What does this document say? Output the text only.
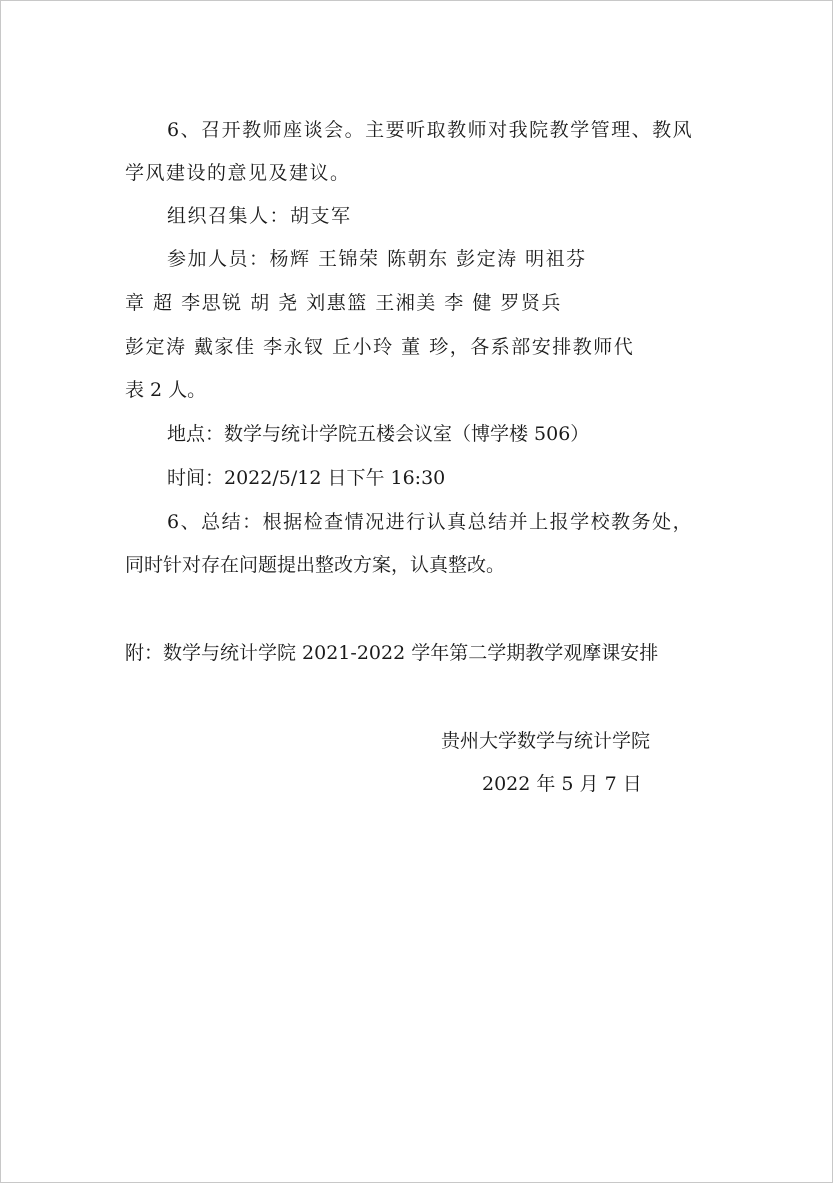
6、召开教师座谈会。主要听取教师对我院教学管理、教风
学风建设的意见及建议。
组织召集人：胡支军
参加人员：杨辉 王锦荣 陈朝东 彭定涛 明祖芬
章 超 李思锐 胡 尧 刘惠篮 王湘美 李 健 罗贤兵
彭定涛 戴家佳 李永钗 丘小玲 董 珍，各系部安排教师代
表 2 人。
地点：数学与统计学院五楼会议室（博学楼 506）
时间：2022/5/12 日下午 16:30
6、总结：根据检查情况进行认真总结并上报学校教务处，
同时针对存在问题提出整改方案，认真整改。
附：数学与统计学院 2021-2022 学年第二学期教学观摩课安排
贵州大学数学与统计学院
2022 年 5 月 7 日
